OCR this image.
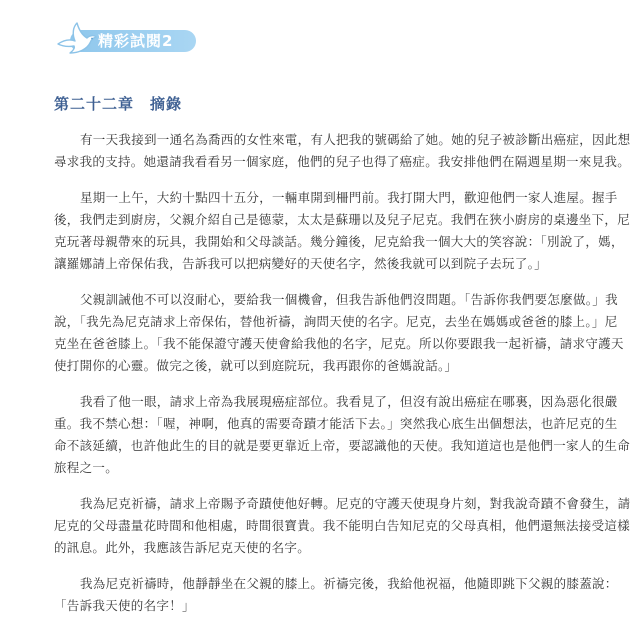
精彩試閱2
第二十二章　摘錄

有一天我接到一通名為喬西的女性來電，有人把我的號碼給了她。她的兒子被診斷出癌症，因此想
尋求我的支持。她還請我看看另一個家庭，他們的兒子也得了癌症。我安排他們在隔週星期一來見我。

星期一上午，大約十點四十五分，一輛車開到柵門前。我打開大門，歡迎他們一家人進屋。握手
後，我們走到廚房，父親介紹自己是德蒙，太太是蘇珊以及兒子尼克。我們在狹小廚房的桌邊坐下，尼
克玩著母親帶來的玩具，我開始和父母談話。幾分鐘後，尼克給我一個大大的笑容說：「別說了，媽，
讓羅娜請上帝保佑我，告訴我可以把病變好的天使名字，然後我就可以到院子去玩了。」

父親訓誡他不可以沒耐心，要給我一個機會，但我告訴他們沒問題。「告訴你我們要怎麼做。」我
說，「我先為尼克請求上帝保佑，替他祈禱，詢問天使的名字。尼克，去坐在媽媽或爸爸的膝上。」尼
克坐在爸爸膝上。「我不能保證守護天使會給我他的名字，尼克。所以你要跟我一起祈禱，請求守護天
使打開你的心靈。做完之後，就可以到庭院玩，我再跟你的爸媽說話。」

我看了他一眼，請求上帝為我展現癌症部位。我看見了，但沒有說出癌症在哪裏，因為惡化很嚴
重。我不禁心想：「喔，神啊，他真的需要奇蹟才能活下去。」突然我心底生出個想法，也許尼克的生
命不該延續，也許他此生的目的就是要更靠近上帝，要認識他的天使。我知道這也是他們一家人的生命
旅程之一。

我為尼克祈禱，請求上帝賜予奇蹟使他好轉。尼克的守護天使現身片刻，對我說奇蹟不會發生，請
尼克的父母盡量花時間和他相處，時間很寶貴。我不能明白告知尼克的父母真相，他們還無法接受這樣
的訊息。此外，我應該告訴尼克天使的名字。

我為尼克祈禱時，他靜靜坐在父親的膝上。祈禱完後，我給他祝福，他隨即跳下父親的膝蓋說：
「告訴我天使的名字！」
